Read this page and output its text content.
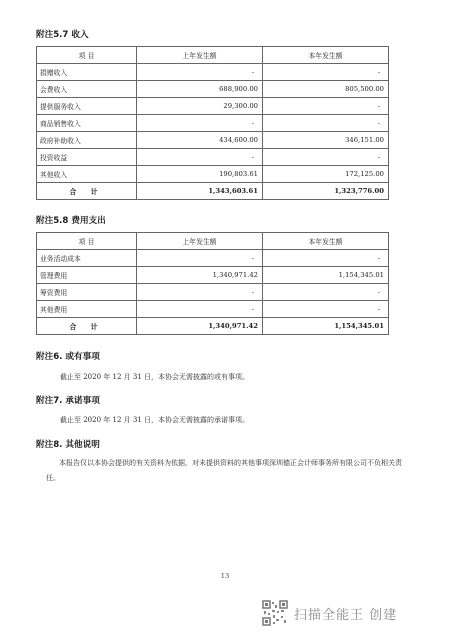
附注5.7 收入
项 目	上年发生额	本年发生额
捐赠收入	-	-
会费收入	688,900.00	805,500.00
提供服务收入	29,300.00	-
商品销售收入	-	-
政府补助收入	434,600.00	346,151.00
投资收益	-	-
其他收入	190,803.61	172,125.00
合 计	1,343,603.61	1,323,776.00
附注5.8 费用支出
项 目	上年发生额	本年发生额
业务活动成本	-	-
管理费用	1,340,971.42	1,154,345.01
筹资费用	-	-
其他费用	-	-
合 计	1,340,971.42	1,154,345.01
附注6. 或有事项
截止至 2020 年 12 月 31 日，本协会无需披露的或有事项。
附注7. 承诺事项
截止至 2020 年 12 月 31 日，本协会无需披露的承诺事项。
附注8. 其他说明
本报告仅以本协会提供的有关资料为依据，对未提供资料的其他事项深圳德正会计师事务所有限公司不负相关责任。
13
扫描全能王 创建
